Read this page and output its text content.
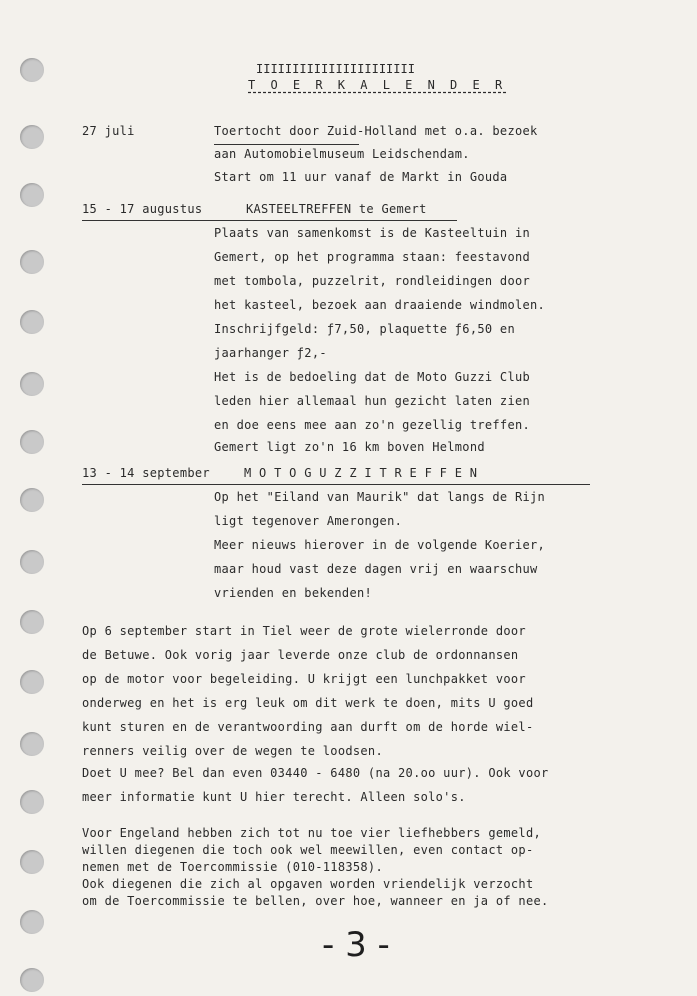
IIIIIIIIIIIIIIIIIIIIII
T O E R K A L E N D E R
27 juli	Toertocht door Zuid-Holland met o.a. bezoek
aan Automobielmuseum Leidschendam.
Start om 11 uur vanaf de Markt in Gouda
15 - 17 augustus	KASTEELTREFFEN te Gemert
Plaats van samenkomst is de Kasteeltuin in
Gemert, op het programma staan: feestavond
met tombola, puzzelrit, rondleidingen door
het kasteel, bezoek aan draaiende windmolen.
Inschrijfgeld: ƒ7,50, plaquette ƒ6,50 en
jaarhanger ƒ2,-
Het is de bedoeling dat de Moto Guzzi Club
leden hier allemaal hun gezicht laten zien
en doe eens mee aan zo'n gezellig treffen.
Gemert ligt zo'n 16 km boven Helmond
13 - 14 september	M O T O G U Z Z I T R E F F E N
Op het "Eiland van Maurik" dat langs de Rijn
ligt tegenover Amerongen.
Meer nieuws hierover in de volgende Koerier,
maar houd vast deze dagen vrij en waarschuw
vrienden en bekenden!
Op 6 september start in Tiel weer de grote wielerronde door
de Betuwe. Ook vorig jaar leverde onze club de ordonnansen
op de motor voor begeleiding. U krijgt een lunchpakket voor
onderweg en het is erg leuk om dit werk te doen, mits U goed
kunt sturen en de verantwoording aan durft om de horde wiel-
renners veilig over de wegen te loodsen.
Doet U mee? Bel dan even 03440 - 6480 (na 20.oo uur). Ook voor
meer informatie kunt U hier terecht. Alleen solo's.
Voor Engeland hebben zich tot nu toe vier liefhebbers gemeld,
willen diegenen die toch ook wel meewillen, even contact op-
nemen met de Toercommissie (010-118358).
Ook diegenen die zich al opgaven worden vriendelijk verzocht
om de Toercommissie te bellen, over hoe, wanneer en ja of nee.
- 3 -
